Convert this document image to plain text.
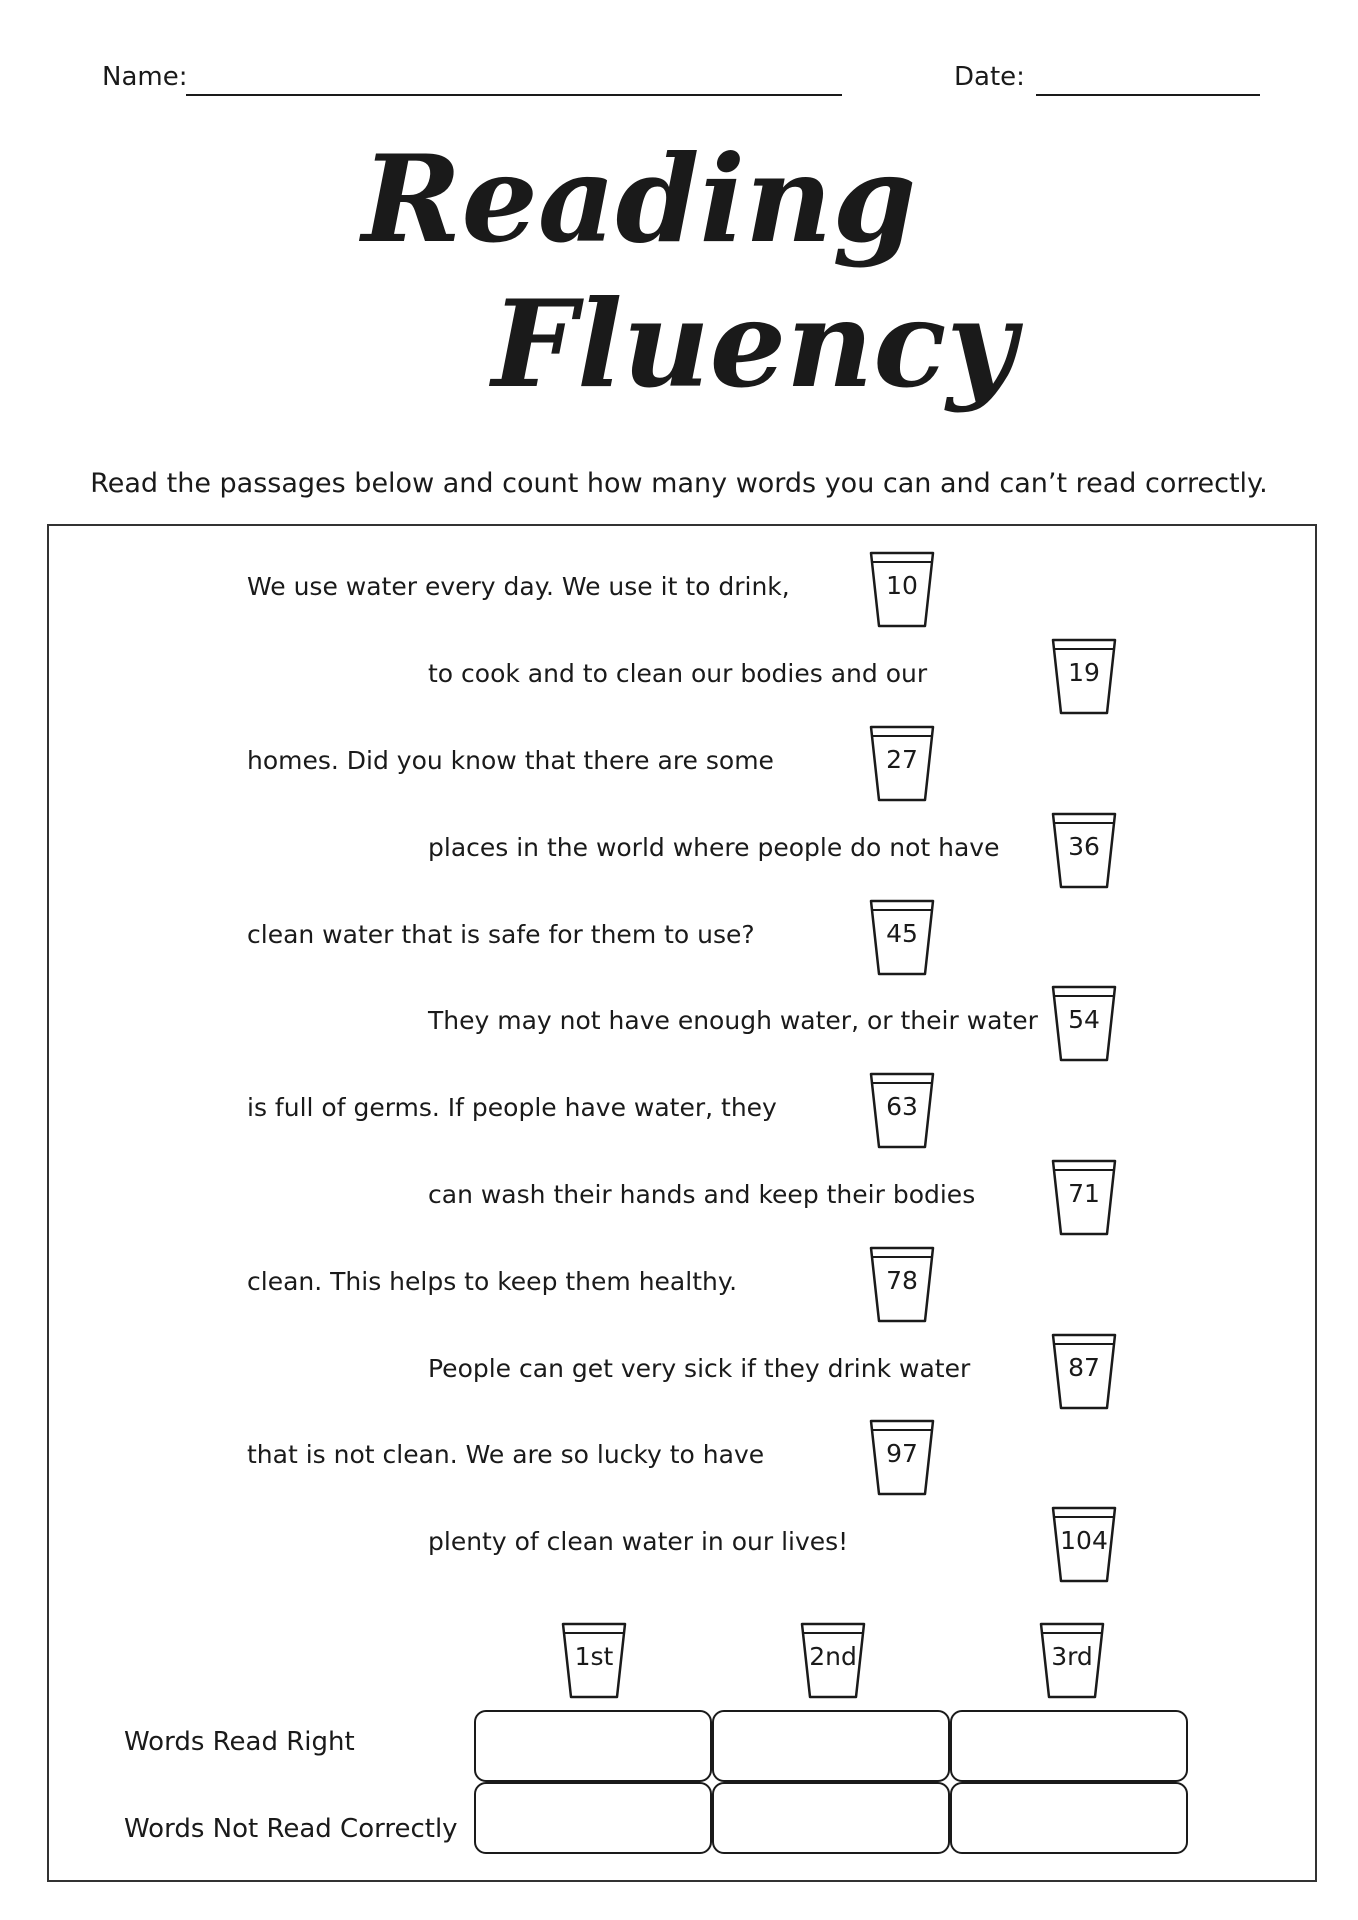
Name:	Date:
Reading
Fluency
Read the passages below and count how many words you can and can’t read correctly.
We use water every day. We use it to drink,	10
to cook and to clean our bodies and our	19
homes. Did you know that there are some	27
places in the world where people do not have	36
clean water that is safe for them to use?	45
They may not have enough water, or their water	54
is full of germs. If people have water, they	63
can wash their hands and keep their bodies	71
clean. This helps to keep them healthy.	78
People can get very sick if they drink water	87
that is not clean. We are so lucky to have	97
plenty of clean water in our lives!	104
1st	2nd	3rd
Words Read Right
Words Not Read Correctly
